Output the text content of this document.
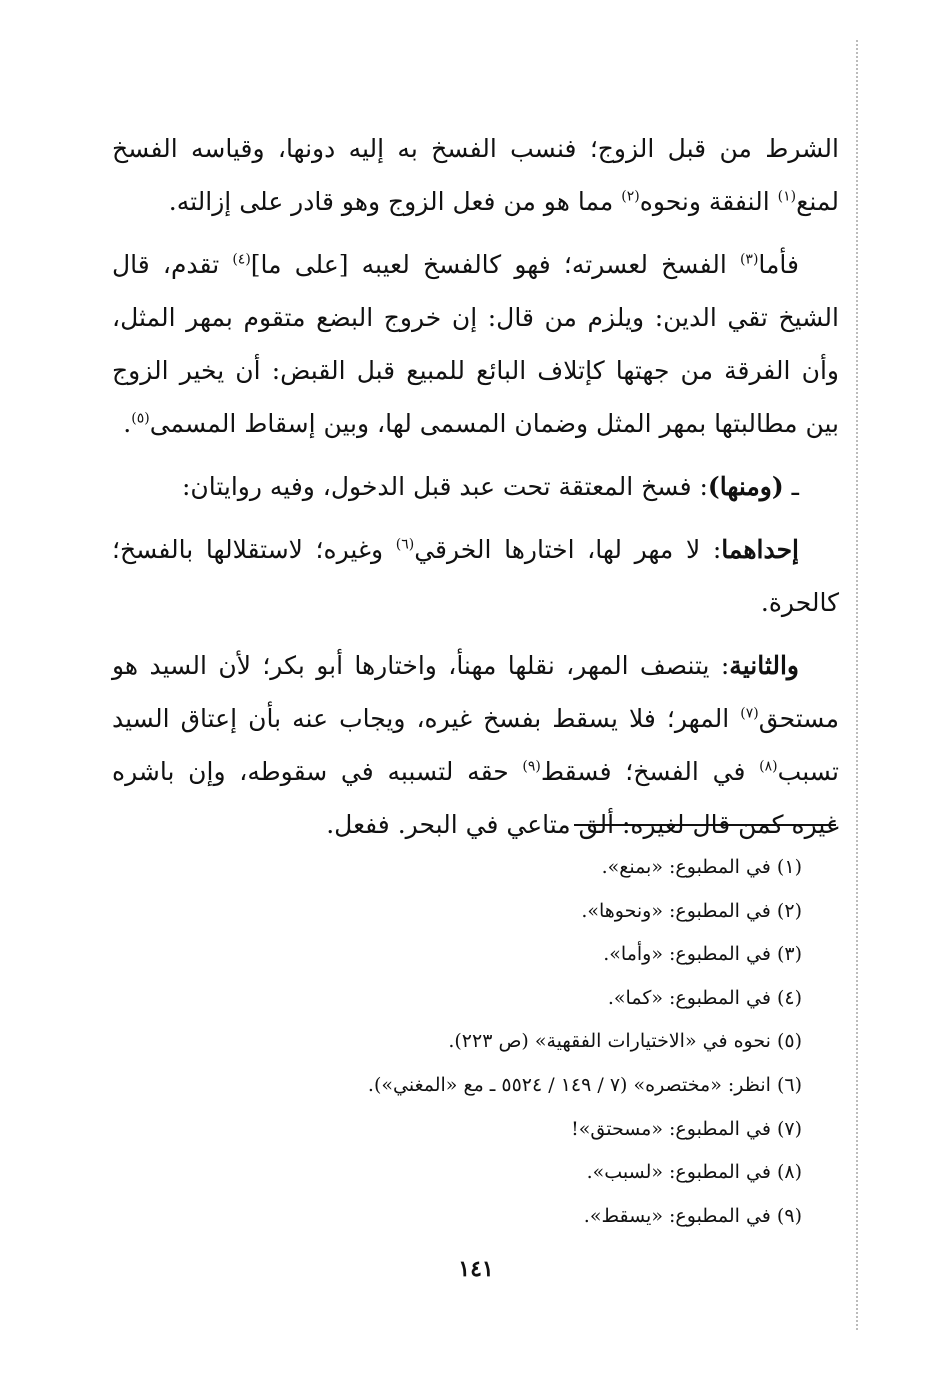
الشرط من قبل الزوج؛ فنسب الفسخ به إليه دونها، وقياسه الفسخ لمنع$^{(١)}$ النفقة ونحوه$^{(٢)}$ مما هو من فعل الزوج وهو قادر على إزالته.

فأما$^{(٣)}$ الفسخ لعسرته؛ فهو كالفسخ لعيبه [على ما]$^{(٤)}$ تقدم، قال الشيخ تقي الدين: ويلزم من قال: إن خروج البضع متقوم بمهر المثل، وأن الفرقة من جهتها كإتلاف البائع للمبيع قبل القبض: أن يخير الزوج بين مطالبتها بمهر المثل وضمان المسمى لها، وبين إسقاط المسمى$^{(٥)}$.

ـ (ومنها): فسخ المعتقة تحت عبد قبل الدخول، وفيه روايتان:

إحداهما: لا مهر لها، اختارها الخرقي$^{(٦)}$ وغيره؛ لاستقلالها بالفسخ؛ كالحرة.

والثانية: يتنصف المهر، نقلها مهنأ، واختارها أبو بكر؛ لأن السيد هو مستحق$^{(٧)}$ المهر؛ فلا يسقط بفسخ غيره، ويجاب عنه بأن إعتاق السيد تسبب$^{(٨)}$ في الفسخ؛ فسقط$^{(٩)}$ حقه لتسببه في سقوطه، وإن باشره غيره كمن قال لغيره: ألق متاعي في البحر. ففعل.

(١) في المطبوع: «بمنع».
(٢) في المطبوع: «ونحوها».
(٣) في المطبوع: «وأما».
(٤) في المطبوع: «كما».
(٥) نحوه في «الاختيارات الفقهية» (ص ٢٢٣).
(٦) انظر: «مختصره» (٧ / ١٤٩ / ٥٥٢٤ ـ مع «المغني»).
(٧) في المطبوع: «مسحتق»!
(٨) في المطبوع: «لسبب».
(٩) في المطبوع: «يسقط».
١٤١
